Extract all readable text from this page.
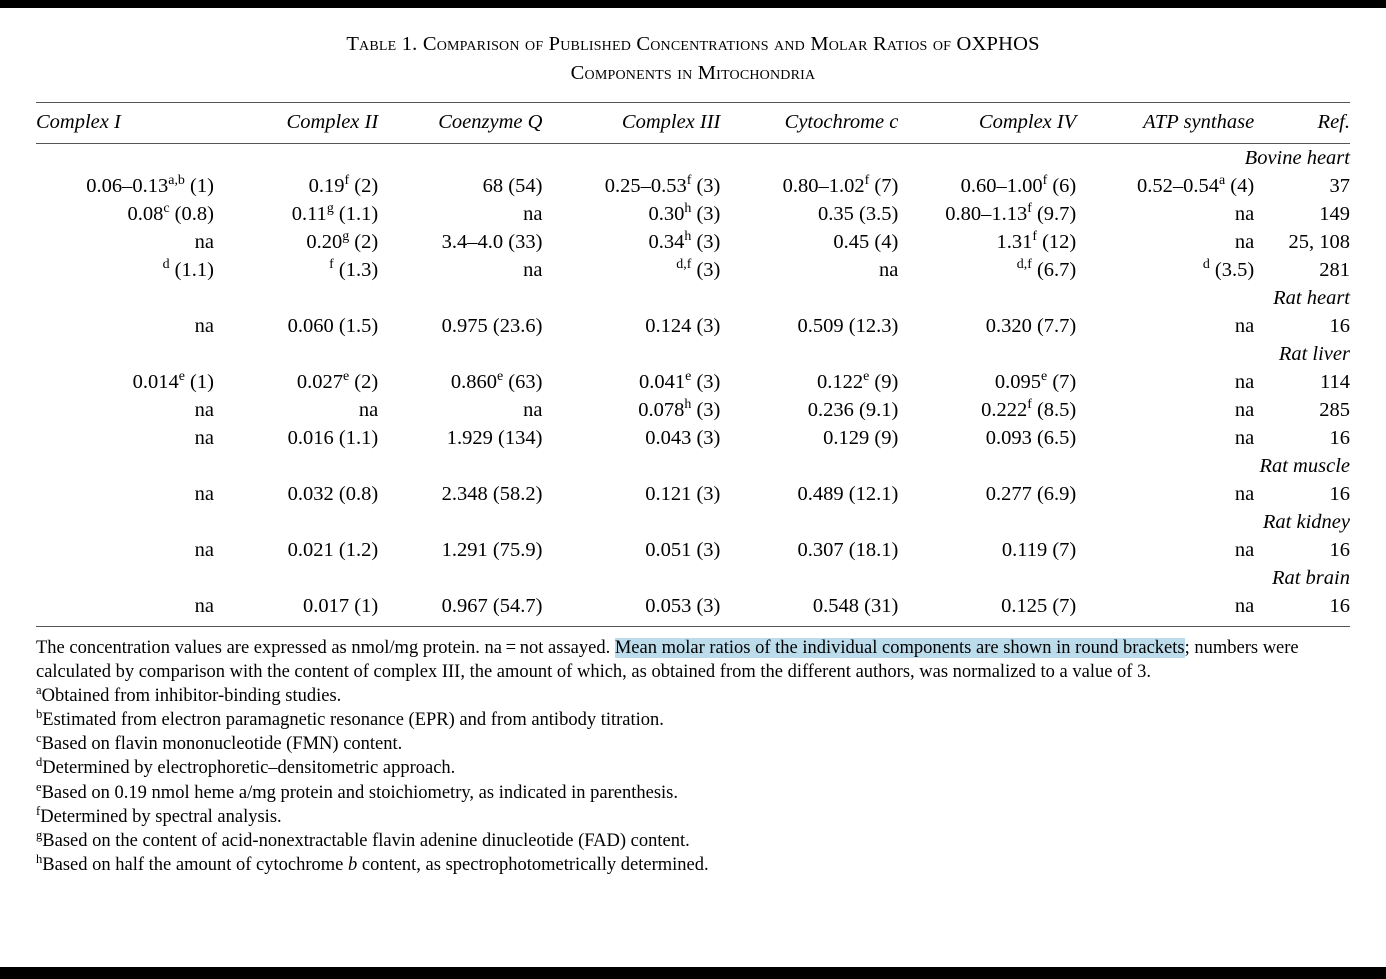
Table 1. Comparison of Published Concentrations and Molar Ratios of OXPHOS
Components in Mitochondria
Complex I	Complex II	Coenzyme Q	Complex III	Cytochrome c	Complex IV	ATP synthase	Ref.
Bovine heart							
0.06–0.13$^{a,b}$ (1)	0.19$^f$ (2)	68 (54)	0.25–0.53$^f$ (3)	0.80–1.02$^f$ (7)	0.60–1.00$^f$ (6)	0.52–0.54$^a$ (4)	37
0.08$^c$ (0.8)	0.11$^g$ (1.1)	na	0.30$^h$ (3)	0.35 (3.5)	0.80–1.13$^f$ (9.7)	na	149
na	0.20$^g$ (2)	3.4–4.0 (33)	0.34$^h$ (3)	0.45 (4)	1.31$^f$ (12)	na	25, 108
$^d$ (1.1)	$^f$ (1.3)	na	$^{d,f}$ (3)	na	$^{d,f}$ (6.7)	$^d$ (3.5)	281
Rat heart							
na	0.060 (1.5)	0.975 (23.6)	0.124 (3)	0.509 (12.3)	0.320 (7.7)	na	16
Rat liver							
0.014e (1)	0.027e (2)	0.860e (63)	0.041e (3)	0.122e (9)	0.095e (7)	na	114
na	na	na	0.078$^h$ (3)	0.236 (9.1)	0.222$^f$ (8.5)	na	285
na	0.016 (1.1)	1.929 (134)	0.043 (3)	0.129 (9)	0.093 (6.5)	na	16
Rat muscle							
na	0.032 (0.8)	2.348 (58.2)	0.121 (3)	0.489 (12.1)	0.277 (6.9)	na	16
Rat kidney							
na	0.021 (1.2)	1.291 (75.9)	0.051 (3)	0.307 (18.1)	0.119 (7)	na	16
Rat brain							
na	0.017 (1)	0.967 (54.7)	0.053 (3)	0.548 (31)	0.125 (7)	na	16

The concentration values are expressed as nmol/mg protein. na = not assayed. Mean molar ratios of the individual components are shown in round brackets; numbers were calculated by comparison with the content of complex III, the amount of which, as obtained from the different authors, was normalized to a value of 3.

$^a$Obtained from inhibitor-binding studies.

$^b$Estimated from electron paramagnetic resonance (EPR) and from antibody titration.

$^c$Based on flavin mononucleotide (FMN) content.

$^d$Determined by electrophoretic–densitometric approach.

$^e$Based on 0.19 nmol heme a/mg protein and stoichiometry, as indicated in parenthesis.

$^f$Determined by spectral analysis.

$^g$Based on the content of acid-nonextractable flavin adenine dinucleotide (FAD) content.

$^h$Based on half the amount of cytochrome b content, as spectrophotometrically determined.
